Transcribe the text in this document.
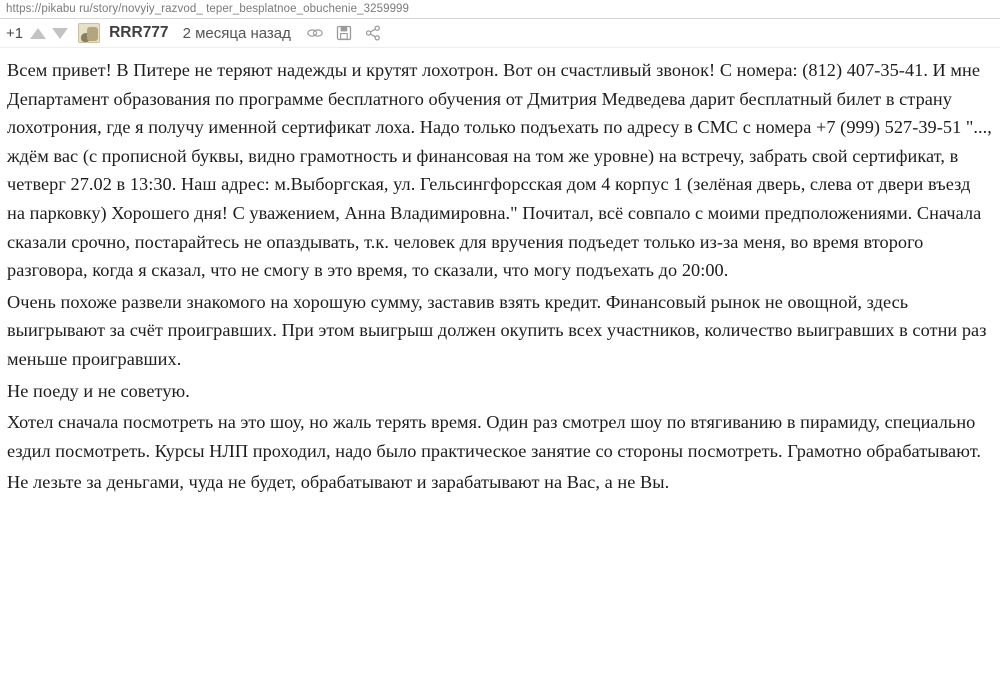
https://pikabu ru/story/novyiy_razvod_ teper_besplatnoe_obuchenie_3259999
+1	RRR777 2 месяца назад

Всем привет! В Питере не теряют надежды и крутят лохотрон. Вот он счастливый звонок! С номера: (812) 407-35-41. И мне Департамент образования по программе бесплатного обучения от Дмитрия Медведева дарит бесплатный билет в страну лохотрония, где я получу именной сертификат лоха. Надо только подъехать по адресу в СМС с номера +7 (999) 527-39-51 "..., ждём вас (с прописной буквы, видно грамотность и финансовая на том же уровне) на встречу, забрать свой сертификат, в четверг 27.02 в 13:30. Наш адрес: м.Выборгская, ул. Гельсингфорсская дом 4 корпус 1 (зелёная дверь, слева от двери въезд на парковку) Хорошего дня! С уважением, Анна Владимировна." Почитал, всё совпало с моими предположениями. Сначала сказали срочно, постарайтесь не опаздывать, т.к. человек для вручения подъедет только из-за меня, во время второго разговора, когда я сказал, что не смогу в это время, то сказали, что могу подъехать до 20:00.

Очень похоже развели знакомого на хорошую сумму, заставив взять кредит. Финансовый рынок не овощной, здесь выигрывают за счёт проигравших. При этом выигрыш должен окупить всех участников, количество выигравших в сотни раз меньше проигравших.

Не поеду и не советую.

Хотел сначала посмотреть на это шоу, но жаль терять время. Один раз смотрел шоу по втягиванию в пирамиду, специально ездил посмотреть. Курсы НЛП проходил, надо было практическое занятие со стороны посмотреть. Грамотно обрабатывают.

Не лезьте за деньгами, чуда не будет, обрабатывают и зарабатывают на Вас, а не Вы.
